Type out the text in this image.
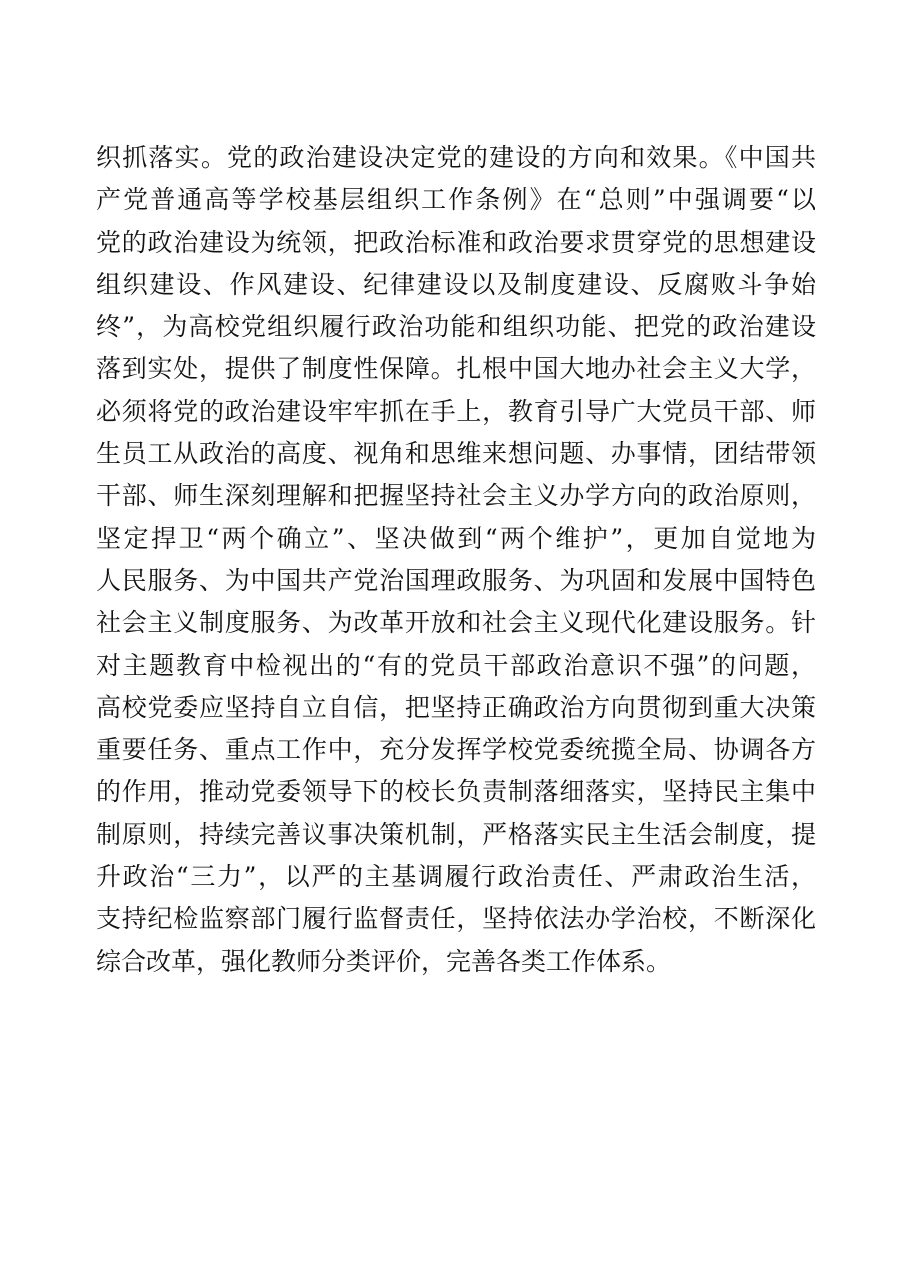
织抓落实。党的政治建设决定党的建设的方向和效果。《中国共
产党普通高等学校基层组织工作条例》在“总则”中强调要“以
党的政治建设为统领，把政治标准和政治要求贯穿党的思想建设
组织建设、作风建设、纪律建设以及制度建设、反腐败斗争始
终”，为高校党组织履行政治功能和组织功能、把党的政治建设
落到实处，提供了制度性保障。扎根中国大地办社会主义大学，
必须将党的政治建设牢牢抓在手上，教育引导广大党员干部、师
生员工从政治的高度、视角和思维来想问题、办事情，团结带领
干部、师生深刻理解和把握坚持社会主义办学方向的政治原则，
坚定捍卫“两个确立”、坚决做到“两个维护”，更加自觉地为
人民服务、为中国共产党治国理政服务、为巩固和发展中国特色
社会主义制度服务、为改革开放和社会主义现代化建设服务。针
对主题教育中检视出的“有的党员干部政治意识不强”的问题，
高校党委应坚持自立自信，把坚持正确政治方向贯彻到重大决策
重要任务、重点工作中，充分发挥学校党委统揽全局、协调各方
的作用，推动党委领导下的校长负责制落细落实，坚持民主集中
制原则，持续完善议事决策机制，严格落实民主生活会制度，提
升政治“三力”，以严的主基调履行政治责任、严肃政治生活，
支持纪检监察部门履行监督责任，坚持依法办学治校，不断深化
综合改革，强化教师分类评价，完善各类工作体系。
